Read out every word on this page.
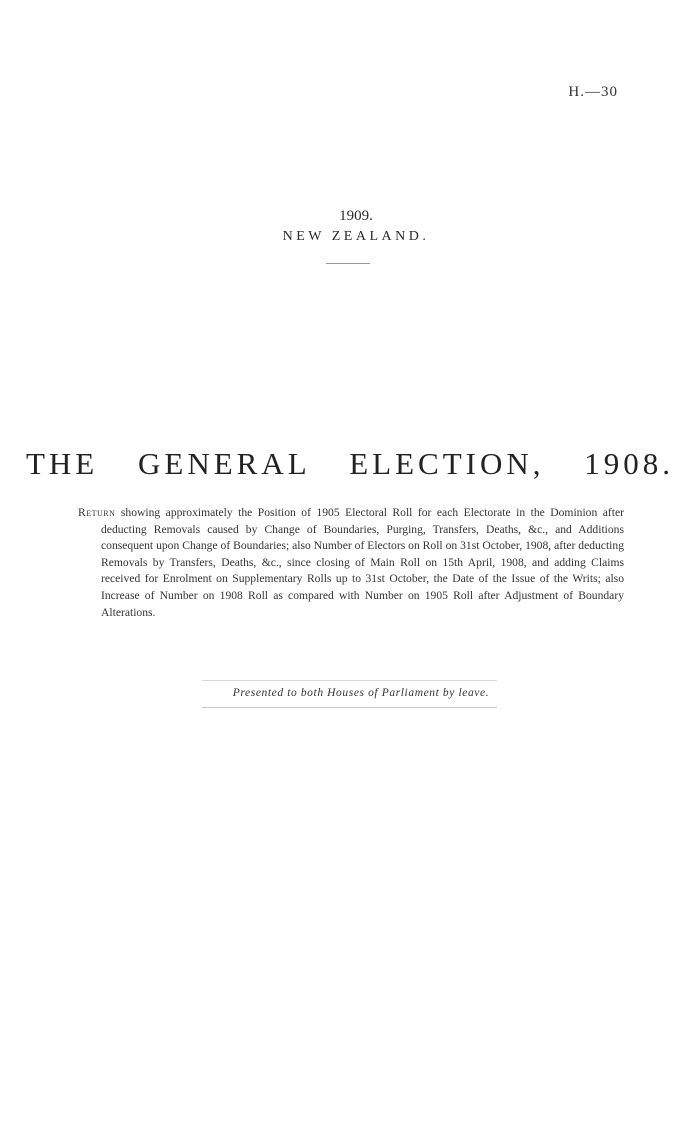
H.—30
1909.
NEW ZEALAND.
THE GENERAL ELECTION, 1908.
Return showing approximately the Position of 1905 Electoral Roll for each Electorate in the Dominion after deducting Removals caused by Change of Boundaries, Purging, Transfers, Deaths, &c., and Additions consequent upon Change of Boundaries; also Number of Electors on Roll on 31st October, 1908, after deducting Removals by Transfers, Deaths, &c., since closing of Main Roll on 15th April, 1908, and adding Claims received for Enrolment on Supplementary Rolls up to 31st October, the Date of the Issue of the Writs; also Increase of Number on 1908 Roll as compared with Number on 1905 Roll after Adjustment of Boundary Alterations.
Presented to both Houses of Parliament by leave.
